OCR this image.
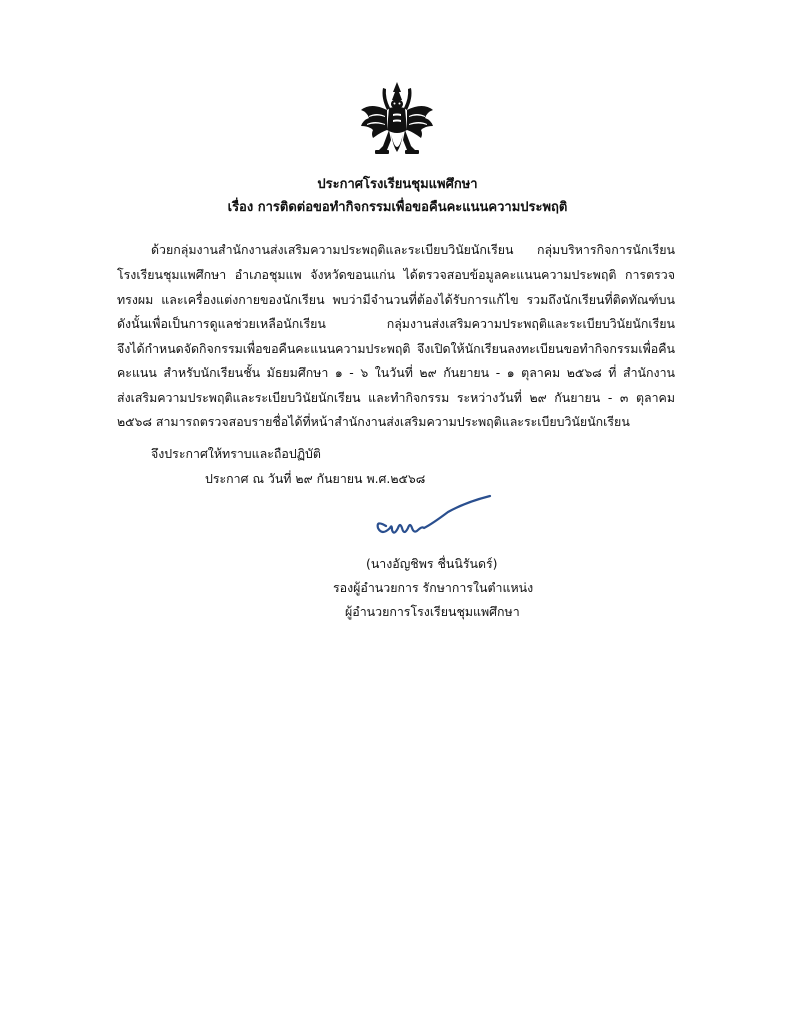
ประกาศโรงเรียนชุมแพศึกษา
เรื่อง การติดต่อขอทำกิจกรรมเพื่อขอคืนคะแนนความประพฤติ
ด้วยกลุ่มงานสำนักงานส่งเสริมความประพฤติและระเบียบวินัยนักเรียน กลุ่มบริหารกิจการนักเรียน
โรงเรียนชุมแพศึกษา อำเภอชุมแพ จังหวัดขอนแก่น ได้ตรวจสอบข้อมูลคะแนนความประพฤติ การตรวจ
ทรงผม และเครื่องแต่งกายของนักเรียน พบว่ามีจำนวนที่ต้องได้รับการแก้ไข รวมถึงนักเรียนที่ติดทัณฑ์บน
ดังนั้นเพื่อเป็นการดูแลช่วยเหลือนักเรียน กลุ่มงานส่งเสริมความประพฤติและระเบียบวินัยนักเรียน
จึงได้กำหนดจัดกิจกรรมเพื่อขอคืนคะแนนความประพฤติ จึงเปิดให้นักเรียนลงทะเบียนขอทำกิจกรรมเพื่อคืน
คะแนน สำหรับนักเรียนชั้น มัธยมศึกษา ๑ - ๖ ในวันที่ ๒๙ กันยายน - ๑ ตุลาคม ๒๕๖๘ ที่ สำนักงาน
ส่งเสริมความประพฤติและระเบียบวินัยนักเรียน และทำกิจกรรม ระหว่างวันที่ ๒๙ กันยายน - ๓ ตุลาคม
๒๕๖๘ สามารถตรวจสอบรายชื่อได้ที่หน้าสำนักงานส่งเสริมความประพฤติและระเบียบวินัยนักเรียน
จึงประกาศให้ทราบและถือปฏิบัติ
ประกาศ ณ วันที่ ๒๙ กันยายน พ.ศ.๒๕๖๘
(นางอัญชิพร ชื่นนิรันดร์)
รองผู้อำนวยการ รักษาการในตำแหน่ง
ผู้อำนวยการโรงเรียนชุมแพศึกษา
